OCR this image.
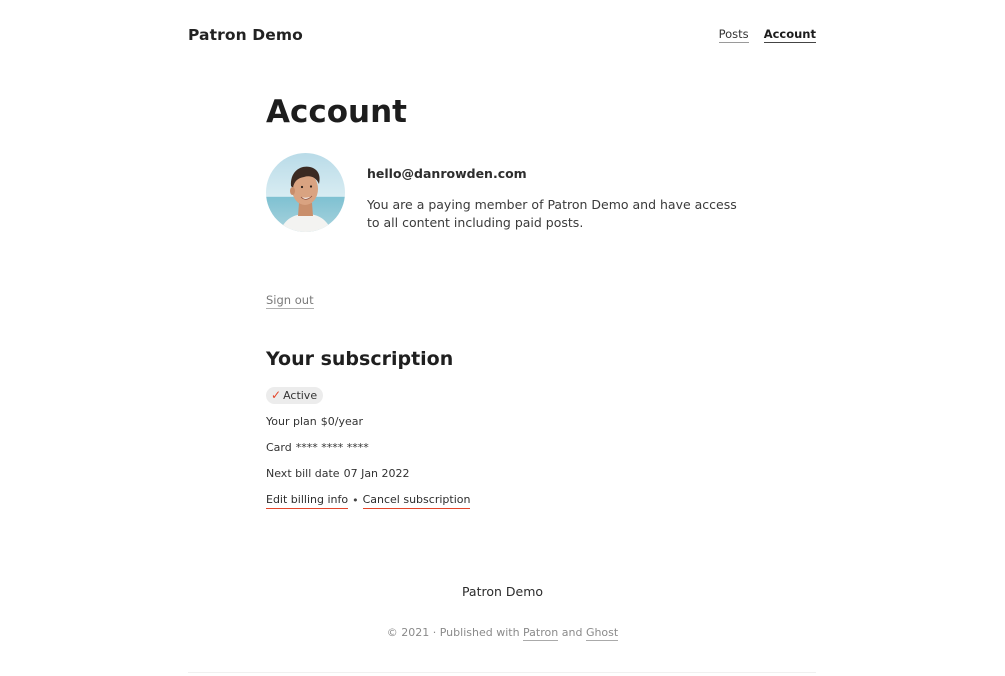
Patron Demo	Posts Account
Account
hello@danrowden.com
You are a paying member of Patron Demo and have access to all content including paid posts.
Sign out
Your subscription
✓ Active
Your plan $0/year
Card **** **** ****
Next bill date 07 Jan 2022
Edit billing info • Cancel subscription
Patron Demo
© 2021 · Published with Patron and Ghost
